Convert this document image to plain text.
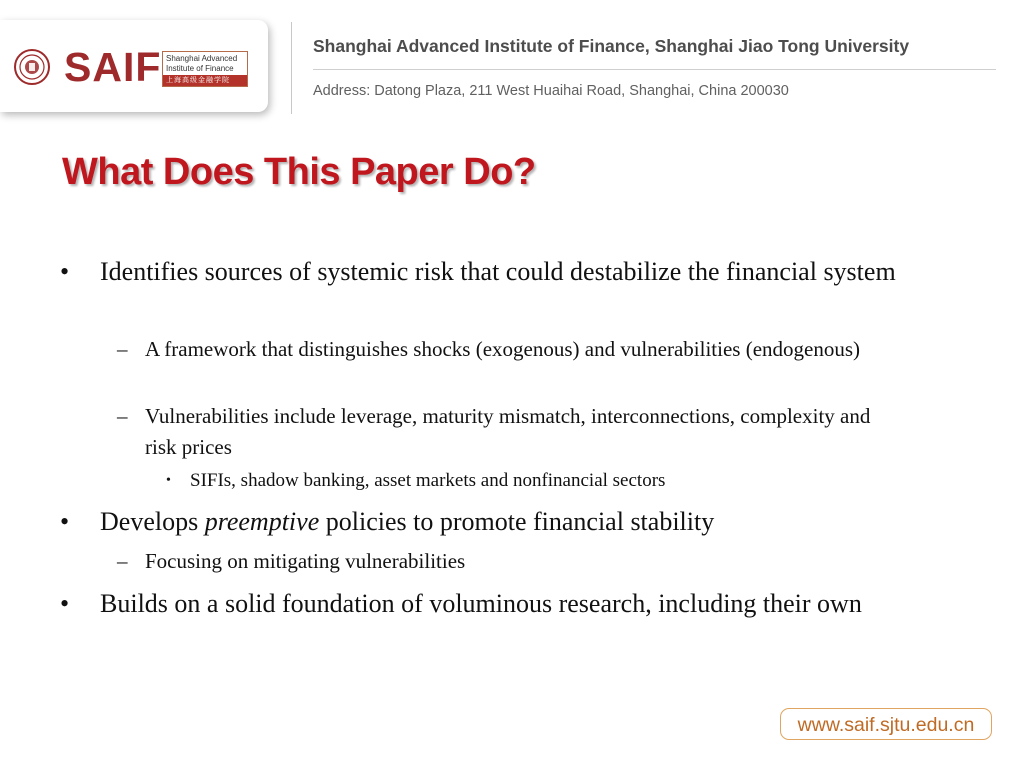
SAIF Shanghai Advanced Institute of Finance
上海高级金融学院
Shanghai Advanced Institute of Finance, Shanghai Jiao Tong University
Address: Datong Plaza, 211 West Huaihai Road, Shanghai, China 200030
What Does This Paper Do?
• Identifies sources of systemic risk that could destabilize the financial system
– A framework that distinguishes shocks (exogenous) and vulnerabilities (endogenous)
– Vulnerabilities include leverage, maturity mismatch, interconnections, complexity and risk prices
• SIFIs, shadow banking, asset markets and nonfinancial sectors
• Develops preemptive policies to promote financial stability
– Focusing on mitigating vulnerabilities
• Builds on a solid foundation of voluminous research, including their own
www.saif.sjtu.edu.cn
